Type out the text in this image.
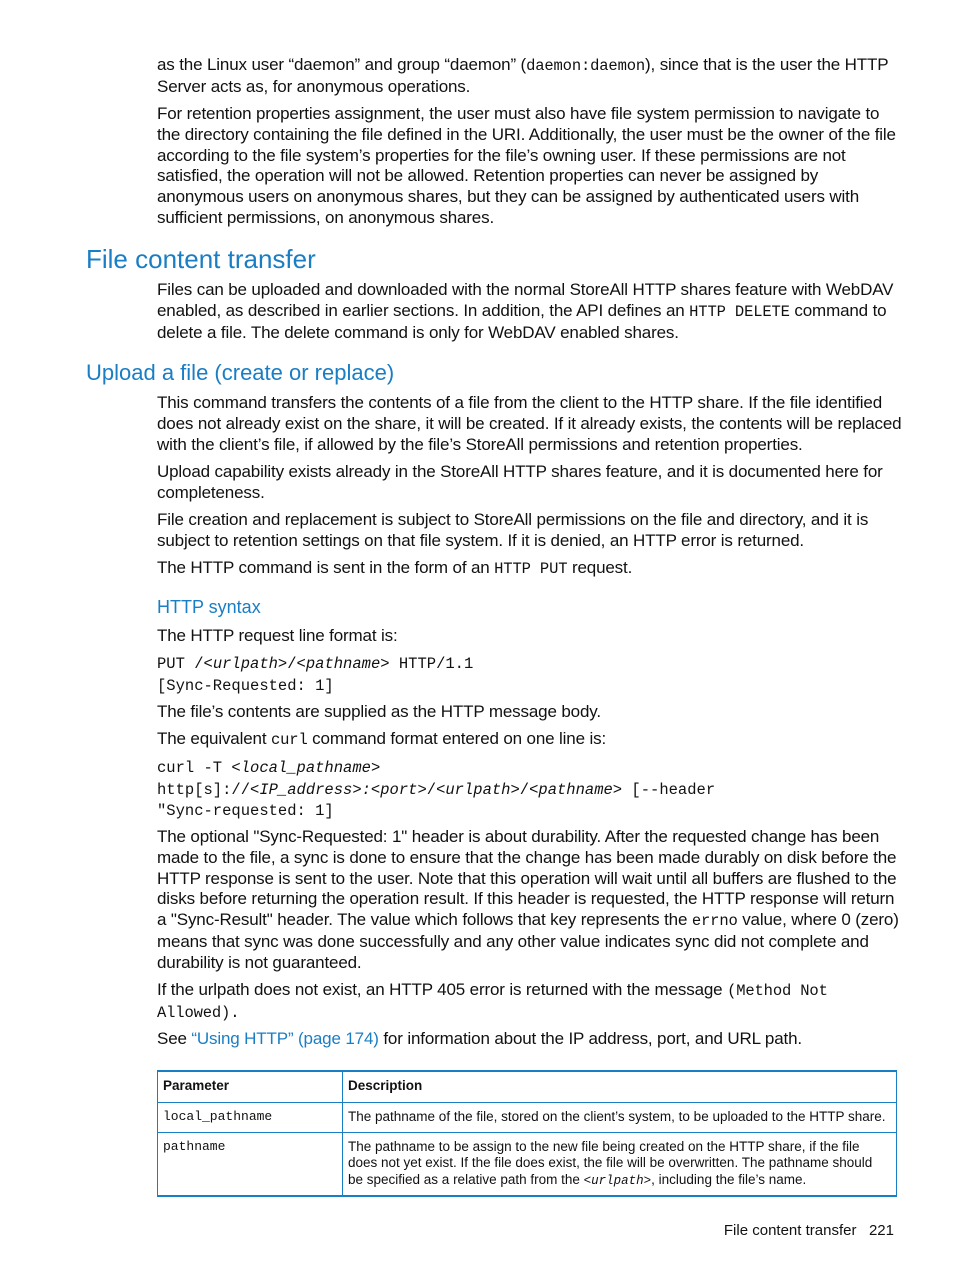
as the Linux user “daemon” and group “daemon” (daemon:daemon), since that is the user the HTTP Server acts as, for anonymous operations.

For retention properties assignment, the user must also have file system permission to navigate to the directory containing the file defined in the URI. Additionally, the user must be the owner of the file according to the file system’s properties for the file’s owning user. If these permissions are not satisfied, the operation will not be allowed. Retention properties can never be assigned by anonymous users on anonymous shares, but they can be assigned by authenticated users with sufficient permissions, on anonymous shares.

File content transfer

Files can be uploaded and downloaded with the normal StoreAll HTTP shares feature with WebDAV enabled, as described in earlier sections. In addition, the API defines an HTTP DELETE command to delete a file. The delete command is only for WebDAV enabled shares.

Upload a file (create or replace)

This command transfers the contents of a file from the client to the HTTP share. If the file identified does not already exist on the share, it will be created. If it already exists, the contents will be replaced with the client’s file, if allowed by the file’s StoreAll permissions and retention properties.

Upload capability exists already in the StoreAll HTTP shares feature, and it is documented here for completeness.

File creation and replacement is subject to StoreAll permissions on the file and directory, and it is subject to retention settings on that file system. If it is denied, an HTTP error is returned.

The HTTP command is sent in the form of an HTTP PUT request.

HTTP syntax

The HTTP request line format is:

PUT /<urlpath>/<pathname> HTTP/1.1
[Sync-Requested: 1]

The file’s contents are supplied as the HTTP message body.

The equivalent curl command format entered on one line is:

curl -T <local_pathname>
http[s]://<IP_address>:<port>/<urlpath>/<pathname> [--header
"Sync-requested: 1]

The optional "Sync-Requested: 1" header is about durability. After the requested change has been made to the file, a sync is done to ensure that the change has been made durably on disk before the HTTP response is sent to the user. Note that this operation will wait until all buffers are flushed to the disks before returning the operation result. If this header is requested, the HTTP response will return a "Sync-Result" header. The value which follows that key represents the errno value, where 0 (zero) means that sync was done successfully and any other value indicates sync did not complete and durability is not guaranteed.

If the urlpath does not exist, an HTTP 405 error is returned with the message (Method Not Allowed).

See “Using HTTP” (page 174) for information about the IP address, port, and URL path.

Parameter	Description
local_pathname	The pathname of the file, stored on the client’s system, to be uploaded to the HTTP share.
pathname	The pathname to be assign to the new file being created on the HTTP share, if the file does not yet exist. If the file does exist, the file will be overwritten. The pathname should be specified as a relative path from the <urlpath>, including the file’s name.
File content transfer 221
